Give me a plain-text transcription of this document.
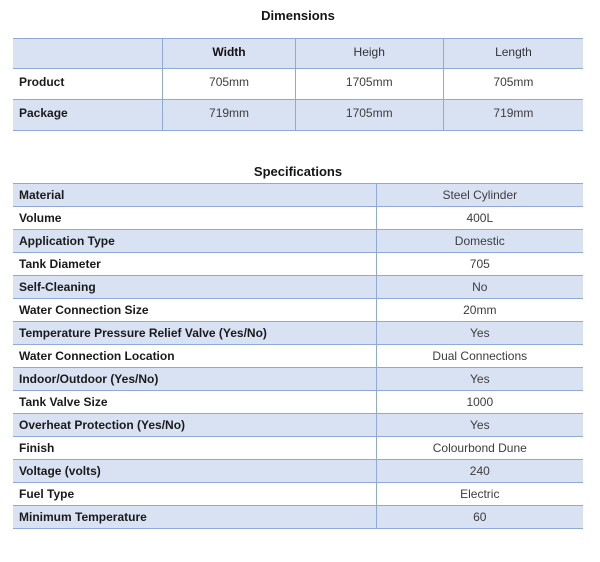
Dimensions
	Width	Heigh	Length
Product	705mm	1705mm	705mm
Package	719mm	1705mm	719mm
Specifications
Material	Steel Cylinder
Volume	400L
Application Type	Domestic
Tank Diameter	705
Self-Cleaning	No
Water Connection Size	20mm
Temperature Pressure Relief Valve (Yes/No)	Yes
Water Connection Location	Dual Connections
Indoor/Outdoor (Yes/No)	Yes
Tank Valve Size	1000
Overheat Protection (Yes/No)	Yes
Finish	Colourbond Dune
Voltage (volts)	240
Fuel Type	Electric
Minimum Temperature	60
